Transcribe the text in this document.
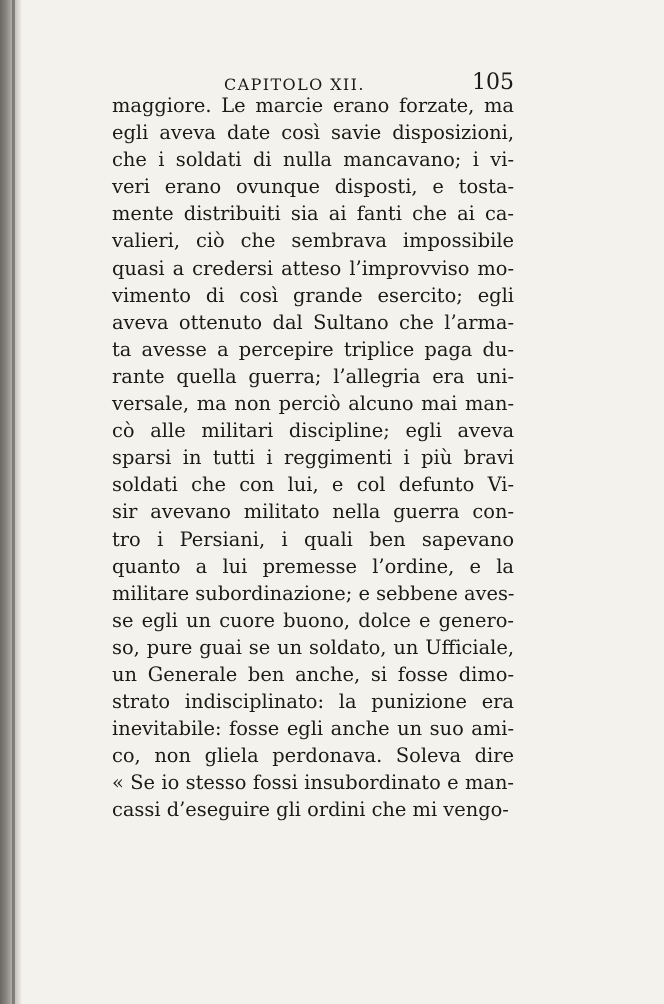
CAPITOLO XII.	105
maggiore. Le marcie erano forzate, ma
egli aveva date così savie disposizioni,
che i soldati di nulla mancavano; i vi-
veri erano ovunque disposti, e tosta-
mente distribuiti sia ai fanti che ai ca-
valieri, ciò che sembrava impossibile
quasi a credersi atteso l’improvviso mo-
vimento di così grande esercito; egli
aveva ottenuto dal Sultano che l’arma-
ta avesse a percepire triplice paga du-
rante quella guerra; l’allegria era uni-
versale, ma non perciò alcuno mai man-
cò alle militari discipline; egli aveva
sparsi in tutti i reggimenti i più bravi
soldati che con lui, e col defunto Vi-
sir avevano militato nella guerra con-
tro i Persiani, i quali ben sapevano
quanto a lui premesse l’ordine, e la
militare subordinazione; e sebbene aves-
se egli un cuore buono, dolce e genero-
so, pure guai se un soldato, un Ufficiale,
un Generale ben anche, si fosse dimo-
strato indisciplinato: la punizione era
inevitabile: fosse egli anche un suo ami-
co, non gliela perdonava. Soleva dire
« Se io stesso fossi insubordinato e man-
cassi d’eseguire gli ordini che mi vengo-
